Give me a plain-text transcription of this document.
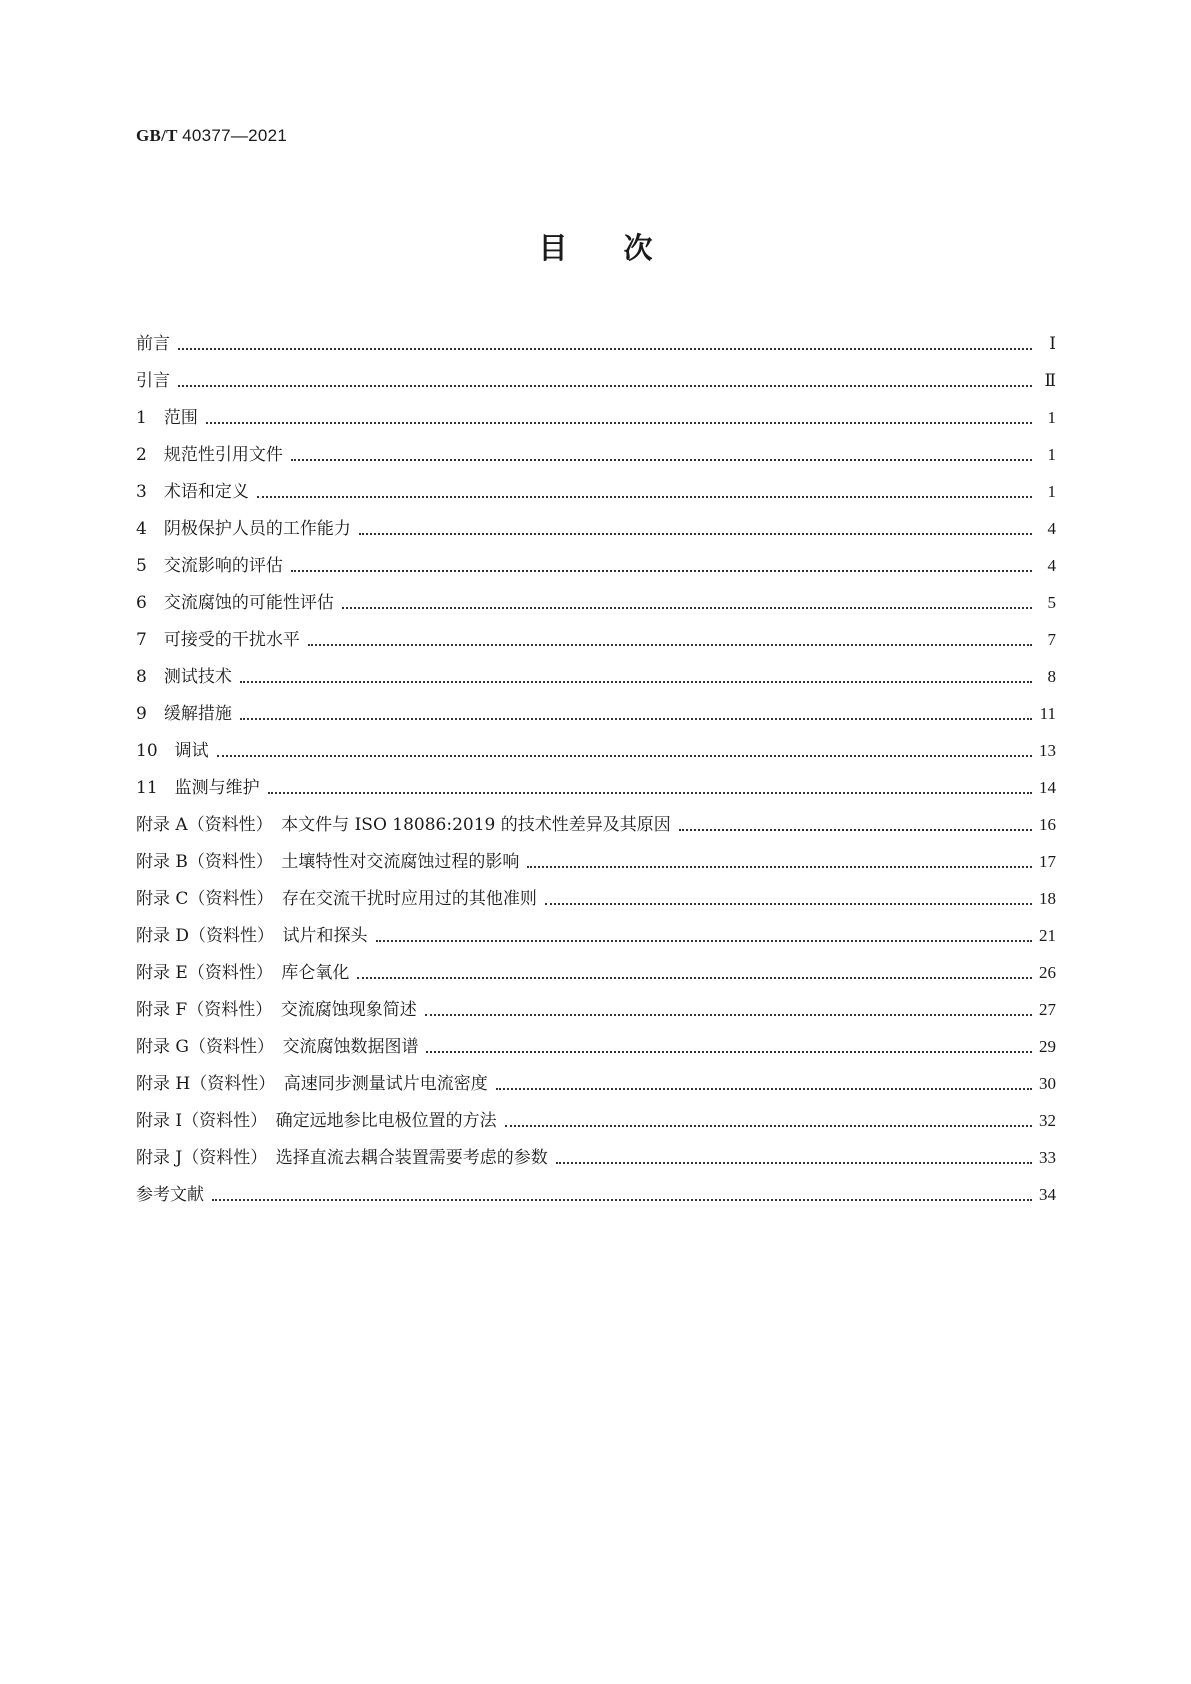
GB/T 40377—2021
目次
前言	Ⅰ
引言	Ⅱ
1　范围	1
2　规范性引用文件	1
3　术语和定义	1
4　阴极保护人员的工作能力	4
5　交流影响的评估	4
6　交流腐蚀的可能性评估	5
7　可接受的干扰水平	7
8　测试技术	8
9　缓解措施	11
10　调试	13
11　监测与维护	14
附录 A（资料性）　本文件与 ISO 18086:2019 的技术性差异及其原因	16
附录 B（资料性）　土壤特性对交流腐蚀过程的影响	17
附录 C（资料性）　存在交流干扰时应用过的其他准则	18
附录 D（资料性）　试片和探头	21
附录 E（资料性）　库仑氧化	26
附录 F（资料性）　交流腐蚀现象简述	27
附录 G（资料性）　交流腐蚀数据图谱	29
附录 H（资料性）　高速同步测量试片电流密度	30
附录 I（资料性）　确定远地参比电极位置的方法	32
附录 J（资料性）　选择直流去耦合装置需要考虑的参数	33
参考文献	34
